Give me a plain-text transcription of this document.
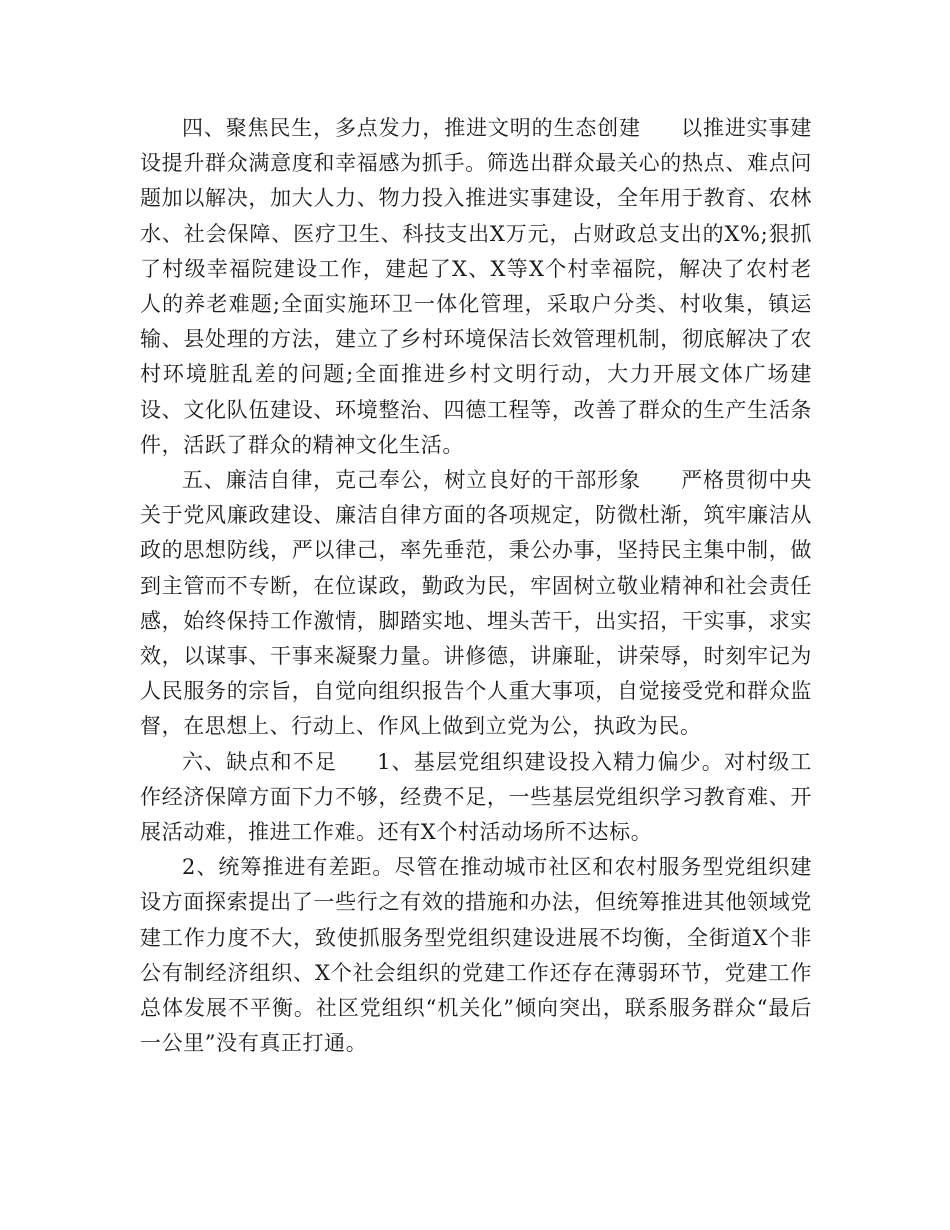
四、聚焦民生，多点发力，推进文明的生态创建 以推进实事建设提升群众满意度和幸福感为抓手。筛选出群众最关心的热点、难点问题加以解决，加大人力、物力投入推进实事建设，全年用于教育、农林水、社会保障、医疗卫生、科技支出X万元，占财政总支出的X%;狠抓了村级幸福院建设工作，建起了X、X等X个村幸福院，解决了农村老人的养老难题;全面实施环卫一体化管理，采取户分类、村收集，镇运输、县处理的方法，建立了乡村环境保洁长效管理机制，彻底解决了农村环境脏乱差的问题;全面推进乡村文明行动，大力开展文体广场建设、文化队伍建设、环境整治、四德工程等，改善了群众的生产生活条件，活跃了群众的精神文化生活。

五、廉洁自律，克己奉公，树立良好的干部形象 严格贯彻中央关于党风廉政建设、廉洁自律方面的各项规定，防微杜渐，筑牢廉洁从政的思想防线，严以律己，率先垂范，秉公办事，坚持民主集中制，做到主管而不专断，在位谋政，勤政为民，牢固树立敬业精神和社会责任感，始终保持工作激情，脚踏实地、埋头苦干，出实招，干实事，求实效，以谋事、干事来凝聚力量。讲修德，讲廉耻，讲荣辱，时刻牢记为人民服务的宗旨，自觉向组织报告个人重大事项，自觉接受党和群众监督，在思想上、行动上、作风上做到立党为公，执政为民。

六、缺点和不足 1、基层党组织建设投入精力偏少。对村级工作经济保障方面下力不够，经费不足，一些基层党组织学习教育难、开展活动难，推进工作难。还有X个村活动场所不达标。

2、统筹推进有差距。尽管在推动城市社区和农村服务型党组织建设方面探索提出了一些行之有效的措施和办法，但统筹推进其他领域党建工作力度不大，致使抓服务型党组织建设进展不均衡，全街道X个非公有制经济组织、X个社会组织的党建工作还存在薄弱环节，党建工作总体发展不平衡。社区党组织“机关化”倾向突出，联系服务群众“最后一公里”没有真正打通。
